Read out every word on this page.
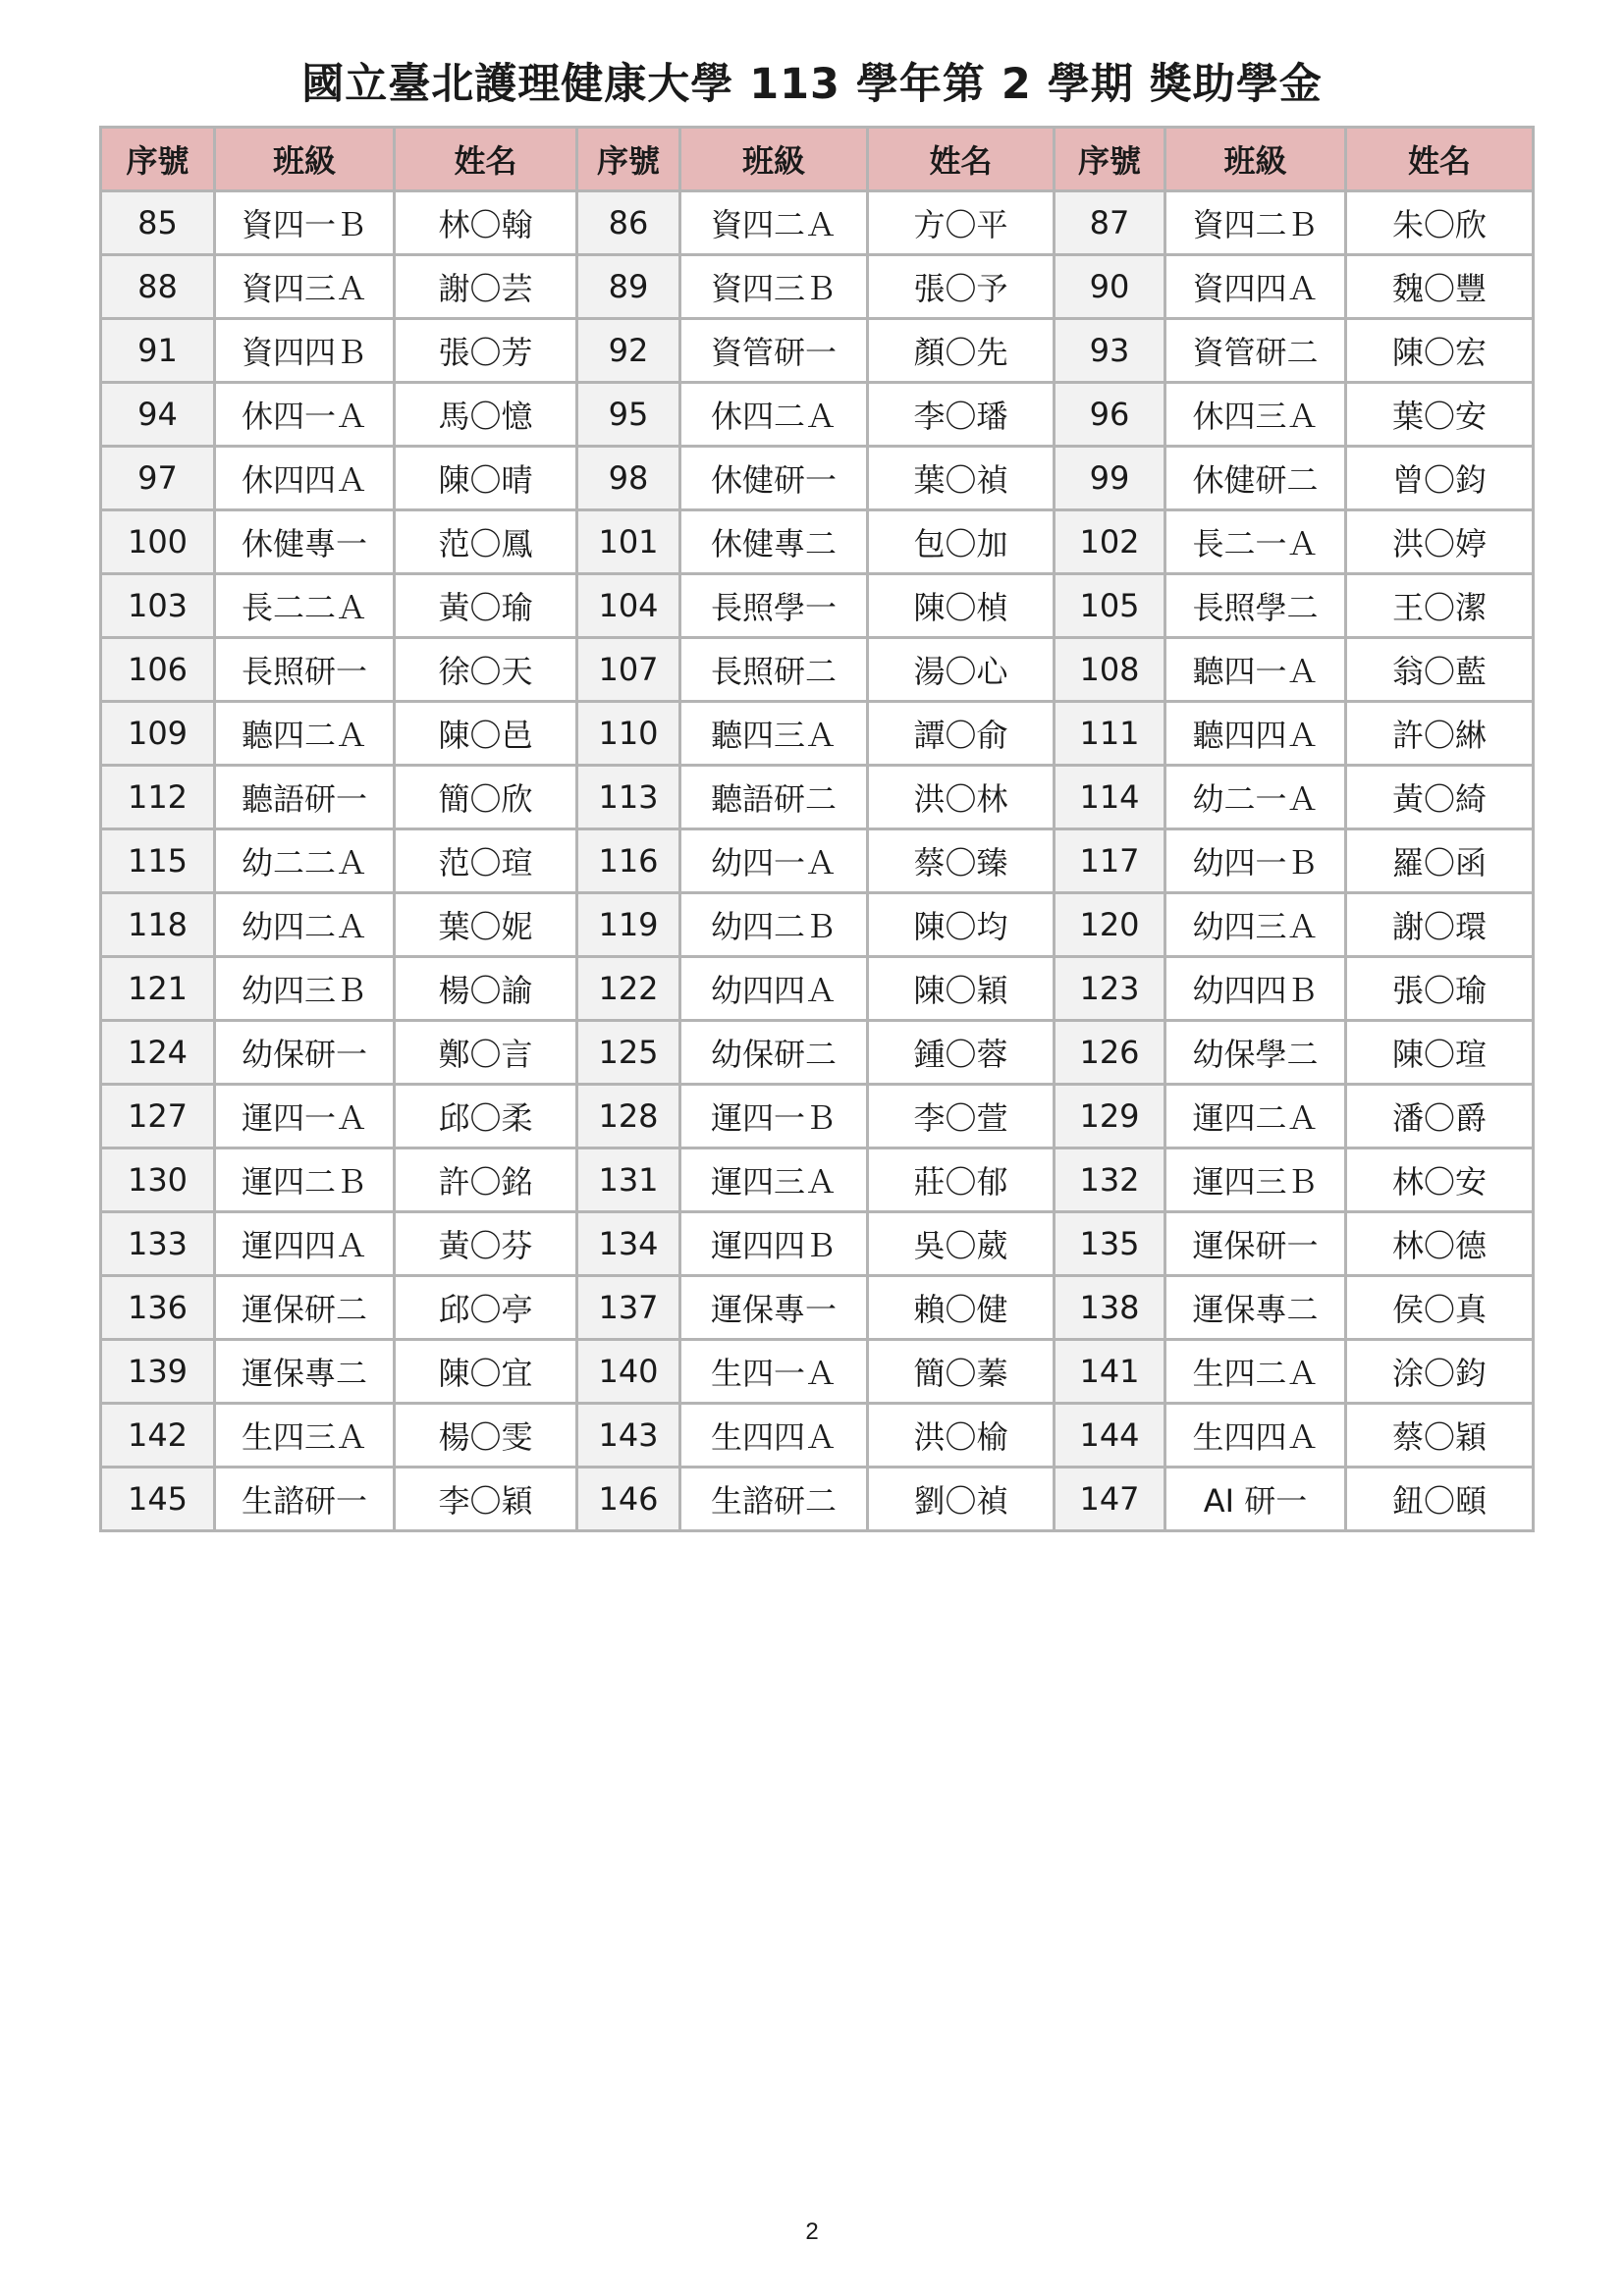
國立臺北護理健康大學 113 學年第 2 學期 獎助學金
序號	班級	姓名	序號	班級	姓名	序號	班級	姓名
85	資四一Ｂ	林〇翰	86	資四二Ａ	方〇平	87	資四二Ｂ	朱〇欣
88	資四三Ａ	謝〇芸	89	資四三Ｂ	張〇予	90	資四四Ａ	魏〇豐
91	資四四Ｂ	張〇芳	92	資管研一	顏〇先	93	資管研二	陳〇宏
94	休四一Ａ	馬〇憶	95	休四二Ａ	李〇璠	96	休四三Ａ	葉〇安
97	休四四Ａ	陳〇晴	98	休健研一	葉〇禎	99	休健研二	曾〇鈞
100	休健專一	范〇鳳	101	休健專二	包〇加	102	長二一Ａ	洪〇婷
103	長二二Ａ	黃〇瑜	104	長照學一	陳〇楨	105	長照學二	王〇潔
106	長照研一	徐〇天	107	長照研二	湯〇心	108	聽四一Ａ	翁〇藍
109	聽四二Ａ	陳〇邑	110	聽四三Ａ	譚〇俞	111	聽四四Ａ	許〇綝
112	聽語研一	簡〇欣	113	聽語研二	洪〇林	114	幼二一Ａ	黃〇綺
115	幼二二Ａ	范〇瑄	116	幼四一Ａ	蔡〇臻	117	幼四一Ｂ	羅〇函
118	幼四二Ａ	葉〇妮	119	幼四二Ｂ	陳〇均	120	幼四三Ａ	謝〇環
121	幼四三Ｂ	楊〇諭	122	幼四四Ａ	陳〇穎	123	幼四四Ｂ	張〇瑜
124	幼保研一	鄭〇言	125	幼保研二	鍾〇蓉	126	幼保學二	陳〇瑄
127	運四一Ａ	邱〇柔	128	運四一Ｂ	李〇萱	129	運四二Ａ	潘〇爵
130	運四二Ｂ	許〇銘	131	運四三Ａ	莊〇郁	132	運四三Ｂ	林〇安
133	運四四Ａ	黃〇芬	134	運四四Ｂ	吳〇葳	135	運保研一	林〇德
136	運保研二	邱〇亭	137	運保專一	賴〇健	138	運保專二	侯〇真
139	運保專二	陳〇宜	140	生四一Ａ	簡〇蓁	141	生四二Ａ	涂〇鈞
142	生四三Ａ	楊〇雯	143	生四四Ａ	洪〇榆	144	生四四Ａ	蔡〇穎
145	生諮研一	李〇穎	146	生諮研二	劉〇禎	147	AI 研一	鈕〇頤
2
